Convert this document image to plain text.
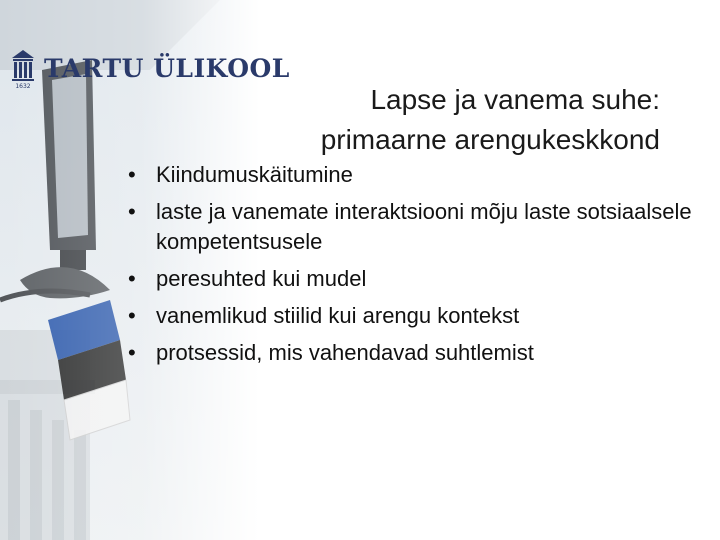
1632
TARTU ÜLIKOOL
Lapse ja vanema suhe:
primaarne arengukeskkond
• Kiindumuskäitumine
• laste ja vanemate interaktsiooni mõju laste sotsiaalsele kompetentsusele
• peresuhted kui mudel
• vanemlikud stiilid kui arengu kontekst
• protsessid, mis vahendavad suhtlemist
